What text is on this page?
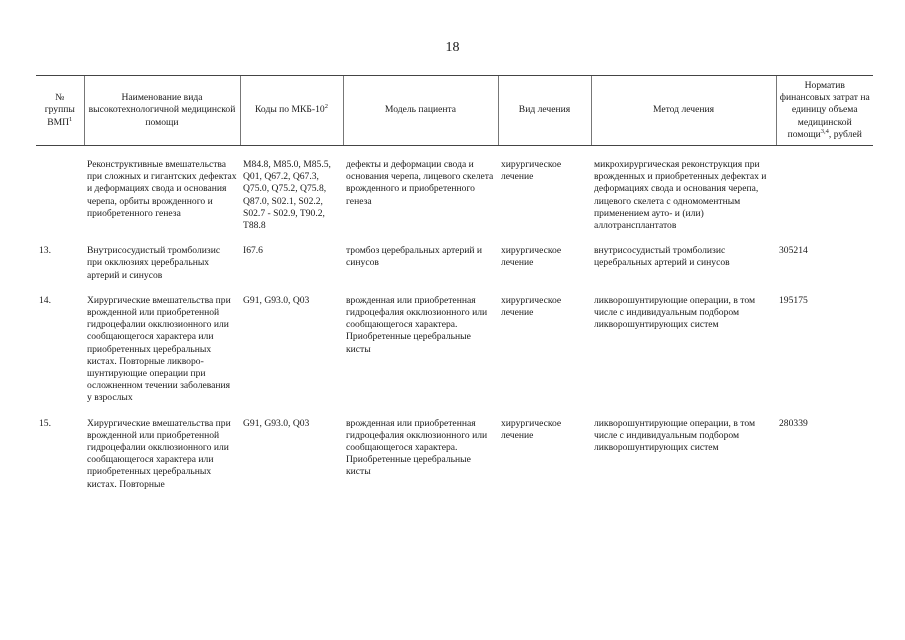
18
№ группы ВМП$^1$	Наименование вида высокотехнологичной медицинской помощи	Коды по МКБ-$10^2$	Модель пациента	Вид лечения	Метод лечения	Норматив финансовых затрат на единицу объема медицинской помощи$^{3,4}$, рублей

	Реконструктивные вмешательства при сложных и гигантских дефектах и деформациях свода и основания черепа, орбиты врожденного и приобретенного генеза	M84.8, M85.0, M85.5, Q01, Q67.2, Q67.3, Q75.0, Q75.2, Q75.8, Q87.0, S02.1, S02.2, S02.7 - S02.9, T90.2, T88.8	дефекты и деформации свода и основания черепа, лицевого скелета врожденного и приобретенного генеза	хирургическое лечение	микрохирургическая реконструкция при врожденных и приобретенных дефектах и деформациях свода и основания черепа, лицевого скелета с одномоментным применением ауто- и (или) аллотрансплантатов	

13.	Внутрисосудистый тромболизис при окклюзиях церебральных артерий и синусов	I67.6	тромбоз церебральных артерий и синусов	хирургическое лечение	внутрисосудистый тромболизис церебральных артерий и синусов	305214

14.	Хирургические вмешательства при врожденной или приобретенной гидроцефалии окклюзионного или сообщающегося характера или приобретенных церебральных кистах. Повторные ликворо-шунтирующие операции при осложненном течении заболевания у взрослых	G91, G93.0, Q03	врожденная или приобретенная гидроцефалия окклюзионного или сообщающегося характера. Приобретенные церебральные кисты	хирургическое лечение	ликворошунтирующие операции, в том числе с индивидуальным подбором ликворошунтирующих систем	195175

15.	Хирургические вмешательства при врожденной или приобретенной гидроцефалии окклюзионного или сообщающегося характера или приобретенных церебральных кистах. Повторные	G91, G93.0, Q03	врожденная или приобретенная гидроцефалия окклюзионного или сообщающегося характера. Приобретенные церебральные кисты	хирургическое лечение	ликворошунтирующие операции, в том числе с индивидуальным подбором ликворошунтирующих систем	280339
